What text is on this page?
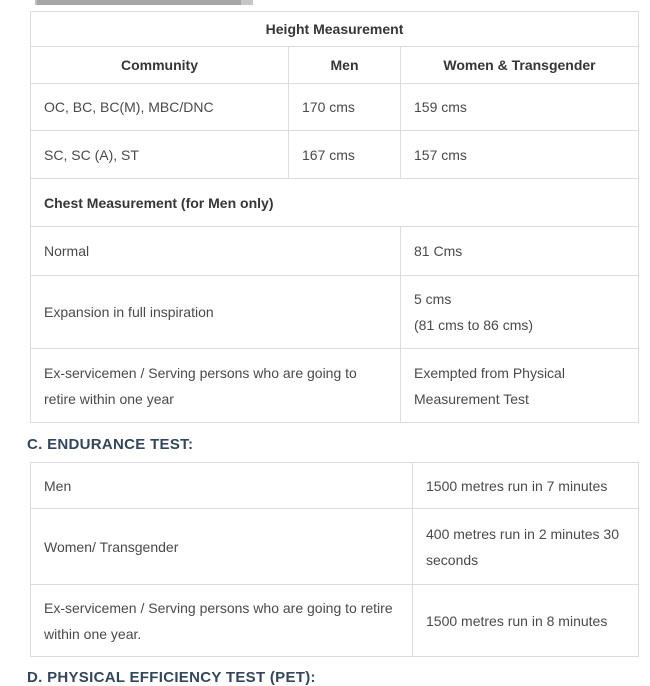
Height Measurement		
Community	Men	Women & Transgender
OC, BC, BC(M), MBC/DNC	170 cms	159 cms
SC, SC (A), ST	167 cms	157 cms
Chest Measurement (for Men only)		
Normal		81 Cms
Expansion in full inspiration		5 cms
(81 cms to 86 cms)

Ex-servicemen / Serving persons who are going to retire within one year		Exempted from Physical Measurement Test
C. ENDURANCE TEST:
Men	1500 metres run in 7 minutes
Women/ Transgender	400 metres run in 2 minutes 30 seconds
Ex-servicemen / Serving persons who are going to retire within one year.	1500 metres run in 8 minutes
D. PHYSICAL EFFICIENCY TEST (PET):
